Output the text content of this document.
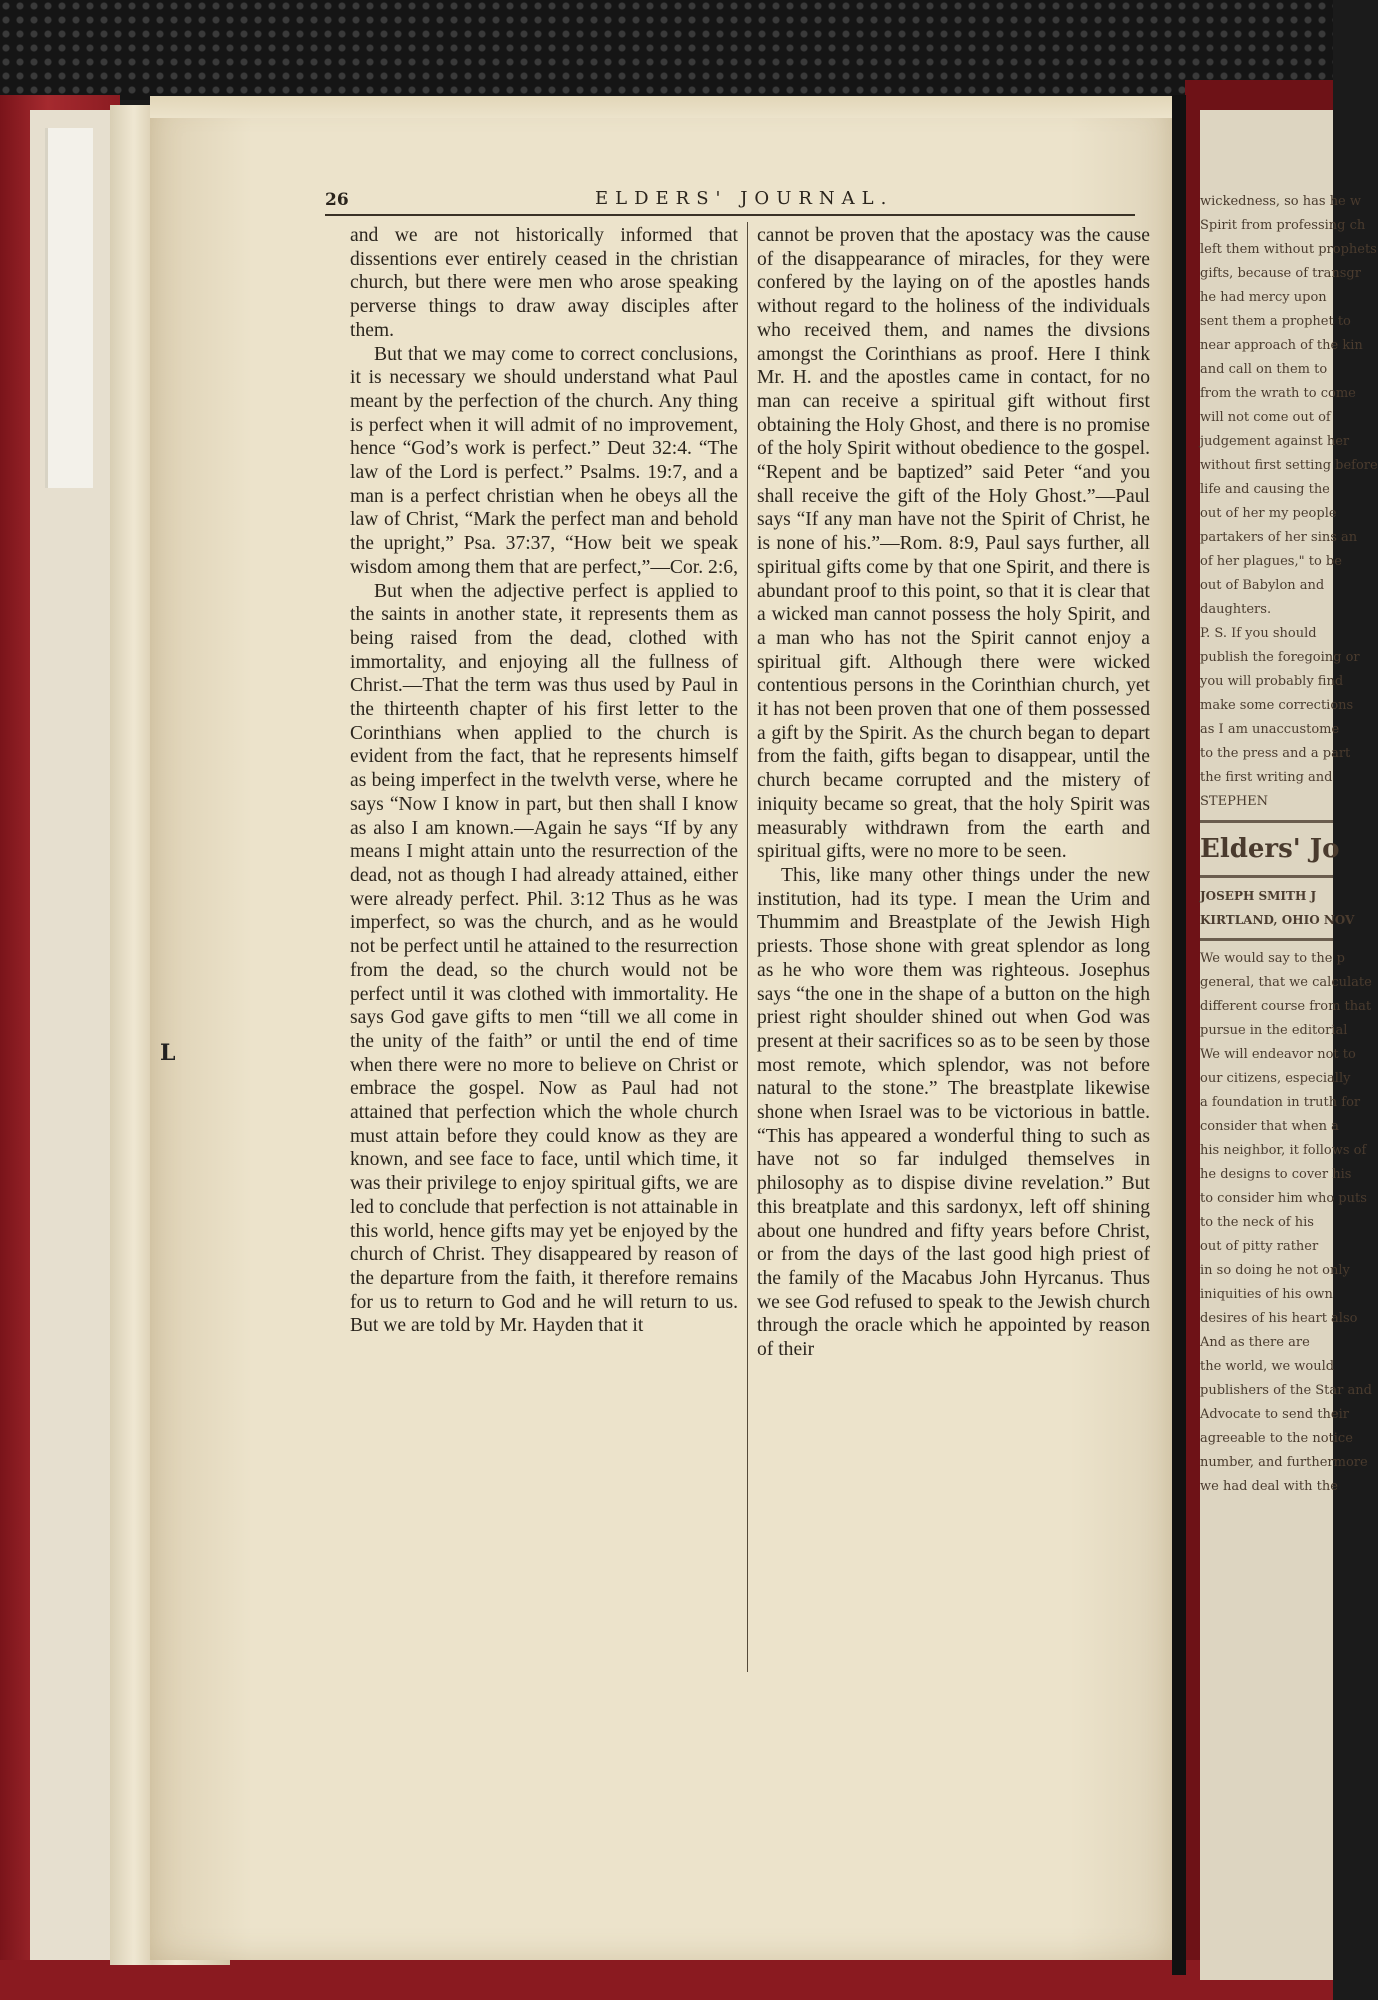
wickedness, so has he w
Spirit from professing ch
left them without prophets
gifts, because of transgr
he had mercy upon
sent them a prophet to
near approach of the kin
and call on them to
from the wrath to come
will not come out of
judgement against her
without first setting before
life and causing the
out of her my people
partakers of her sins an
of her plagues," to be
out of Babylon and
daughters.
P. S. If you should
publish the foregoing or
you will probably find
make some corrections
as I am unaccustome
to the press and a part
the first writing and
STEPHEN
Elders' Jo
JOSEPH SMITH J
KIRTLAND, OHIO NOV
We would say to the p
general, that we calculate
different course from that
pursue in the editorial
We will endeavor not to
our citizens, especially
a foundation in truth for
consider that when a
his neighbor, it follows of
he designs to cover his
to consider him who puts
to the neck of his
out of pitty rather
in so doing he not only
iniquities of his own
desires of his heart also
And as there are
the world, we would
publishers of the Star and
Advocate to send their
agreeable to the notice
number, and furthermore
we had deal with the
L
26	ELDERS' JOURNAL.

and we are not historically informed that dissentions ever entirely ceased in the christian church, but there were men who arose speaking perverse things to draw away disciples after them.

But that we may come to correct conclusions, it is necessary we should understand what Paul meant by the perfection of the church. Any thing is perfect when it will admit of no improvement, hence “God’s work is perfect.” Deut 32:4. “The law of the Lord is perfect.” Psalms. 19:7, and a man is a perfect christian when he obeys all the law of Christ, “Mark the perfect man and behold the upright,” Psa. 37:37, “How beit we speak wisdom among them that are perfect,”—Cor. 2:6,

But when the adjective perfect is applied to the saints in another state, it represents them as being raised from the dead, clothed with immortality, and enjoying all the fullness of Christ.—That the term was thus used by Paul in the thirteenth chapter of his first letter to the Corinthians when applied to the church is evident from the fact, that he represents himself as being imperfect in the twelvth verse, where he says “Now I know in part, but then shall I know as also I am known.—Again he says “If by any means I might attain unto the resurrection of the dead, not as though I had already attained, either were already perfect. Phil. 3:12 Thus as he was imperfect, so was the church, and as he would not be perfect until he attained to the resurrection from the dead, so the church would not be perfect until it was clothed with immortality. He says God gave gifts to men “till we all come in the unity of the faith” or until the end of time when there were no more to believe on Christ or embrace the gospel. Now as Paul had not attained that perfection which the whole church must attain before they could know as they are known, and see face to face, until which time, it was their privilege to enjoy spiritual gifts, we are led to conclude that perfection is not attainable in this world, hence gifts may yet be enjoyed by the church of Christ. They disappeared by reason of the departure from the faith, it therefore remains for us to return to God and he will return to us. But we are told by Mr. Hayden that it

cannot be proven that the apostacy was the cause of the disappearance of miracles, for they were confered by the laying on of the apostles hands without regard to the holiness of the individuals who received them, and names the divsions amongst the Corinthians as proof. Here I think Mr. H. and the apostles came in contact, for no man can receive a spiritual gift without first obtaining the Holy Ghost, and there is no promise of the holy Spirit without obedience to the gospel. “Repent and be baptized” said Peter “and you shall receive the gift of the Holy Ghost.”—Paul says “If any man have not the Spirit of Christ, he is none of his.”—Rom. 8:9, Paul says further, all spiritual gifts come by that one Spirit, and there is abundant proof to this point, so that it is clear that a wicked man cannot possess the holy Spirit, and a man who has not the Spirit cannot enjoy a spiritual gift. Although there were wicked contentious persons in the Corinthian church, yet it has not been proven that one of them possessed a gift by the Spirit. As the church began to depart from the faith, gifts began to disappear, until the church became corrupted and the mistery of iniquity became so great, that the holy Spirit was measurably withdrawn from the earth and spiritual gifts, were no more to be seen.

This, like many other things under the new institution, had its type. I mean the Urim and Thummim and Breastplate of the Jewish High priests. Those shone with great splendor as long as he who wore them was righteous. Josephus says “the one in the shape of a button on the high priest right shoulder shined out when God was present at their sacrifices so as to be seen by those most remote, which splendor, was not before natural to the stone.” The breastplate likewise shone when Israel was to be victorious in battle. “This has appeared a wonderful thing to such as have not so far indulged themselves in philosophy as to dispise divine revelation.” But this breatplate and this sardonyx, left off shining about one hundred and fifty years before Christ, or from the days of the last good high priest of the family of the Macabus John Hyrcanus. Thus we see God refused to speak to the Jewish church through the oracle which he appointed by reason of their
